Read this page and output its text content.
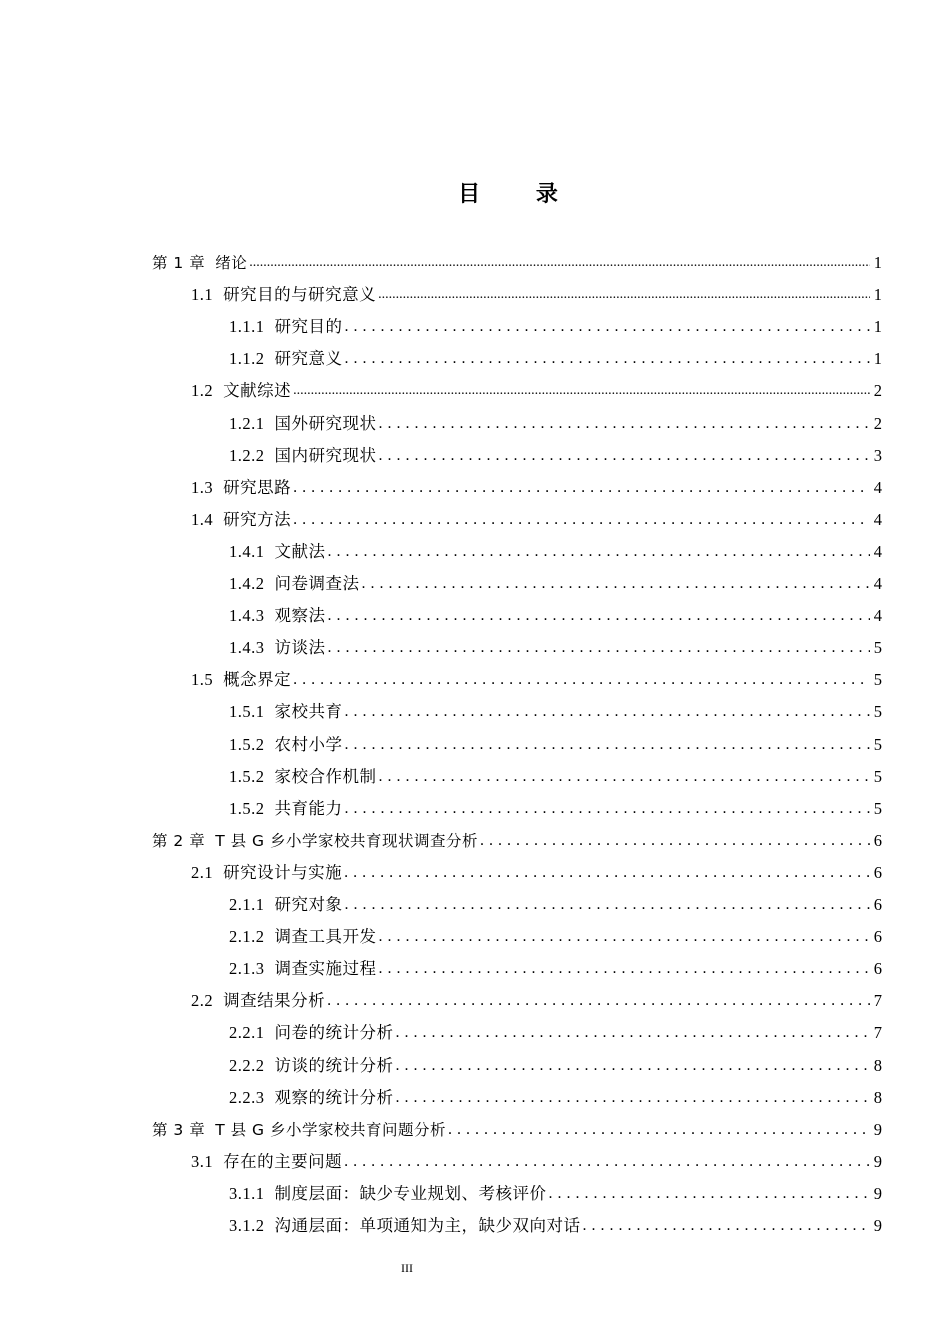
目 录
第 1 章 绪论 .....	1
1.1 研究目的与研究意义 .....	1
1.1.1 研究目的 . . .	1
1.1.2 研究意义 . . .	1
1.2 文献综述 .....	2
1.2.1 国外研究现状 . . .	2
1.2.2 国内研究现状 . . .	3
1.3 研究思路 . . .	4
1.4 研究方法 . . .	4
1.4.1 文献法 . . .	4
1.4.2 问卷调查法 . . .	4
1.4.3 观察法 . . .	4
1.4.3 访谈法 . . .	5
1.5 概念界定 . . .	5
1.5.1 家校共育 . . .	5
1.5.2 农村小学 . . .	5
1.5.2 家校合作机制 . . .	5
1.5.2 共育能力 . . .	5
第 2 章 T 县 G 乡小学家校共育现状调查分析 . . .	6
2.1 研究设计与实施 . . .	6
2.1.1 研究对象 . . .	6
2.1.2 调查工具开发 . . .	6
2.1.3 调查实施过程 . . .	6
2.2 调查结果分析 . . .	7
2.2.1 问卷的统计分析 . . .	7
2.2.2 访谈的统计分析 . . .	8
2.2.3 观察的统计分析 . . .	8
第 3 章 T 县 G 乡小学家校共育问题分析 . . .	9
3.1 存在的主要问题 . . .	9
3.1.1 制度层面：缺少专业规划、考核评价 . . .	9
3.1.2 沟通层面：单项通知为主，缺少双向对话 . . .	9
III
